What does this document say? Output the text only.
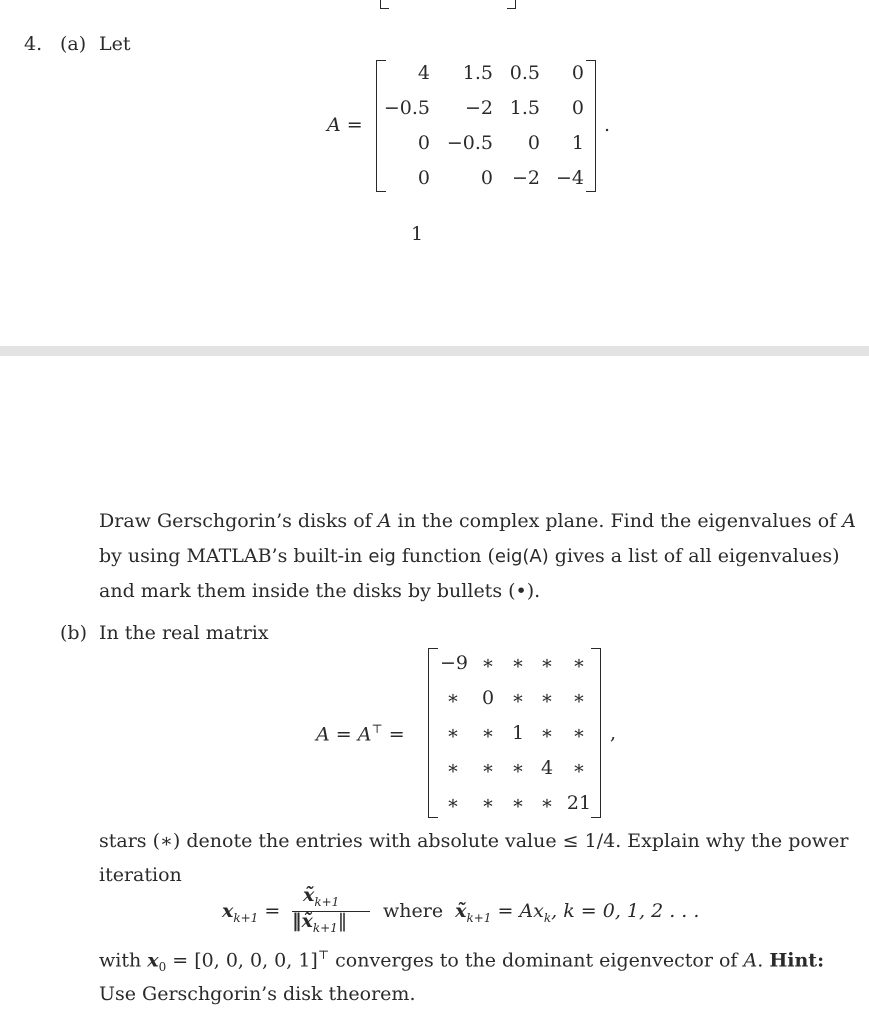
4. (a) Let
A =
4	1.5 0.5	0
−0.5	−2 1.5	0
0 −0.5	0	1
0	0 −2 −4
.
1
Draw Gerschgorin’s disks of A in the complex plane. Find the eigenvalues of A
by using MATLAB’s built-in eig function (eig(A) gives a list of all eigenvalues)
and mark them inside the disks by bullets (•).
(b) In the real matrix
A = A⊤ =
−9 ∗ ∗ ∗ ∗
∗	0 ∗ ∗ ∗
∗ ∗ 1 ∗ ∗
∗ ∗ ∗ 4	∗
∗ ∗ ∗ ∗ 21
,
stars (∗) denote the entries with absolute value ≤ 1/4. Explain why the power
iteration
$x_{k+1}$ =
$x̃_{k+1}$
$‖x̃_{k+1}‖$ where $x̃_{k+1} = Ax_k$, k = 0, 1, 2 . . .
with $x_0 = [0$, 0, 0, 0, 1]⊤ converges to the dominant eigenvector of A. Hint:
Use Gerschgorin’s disk theorem.
